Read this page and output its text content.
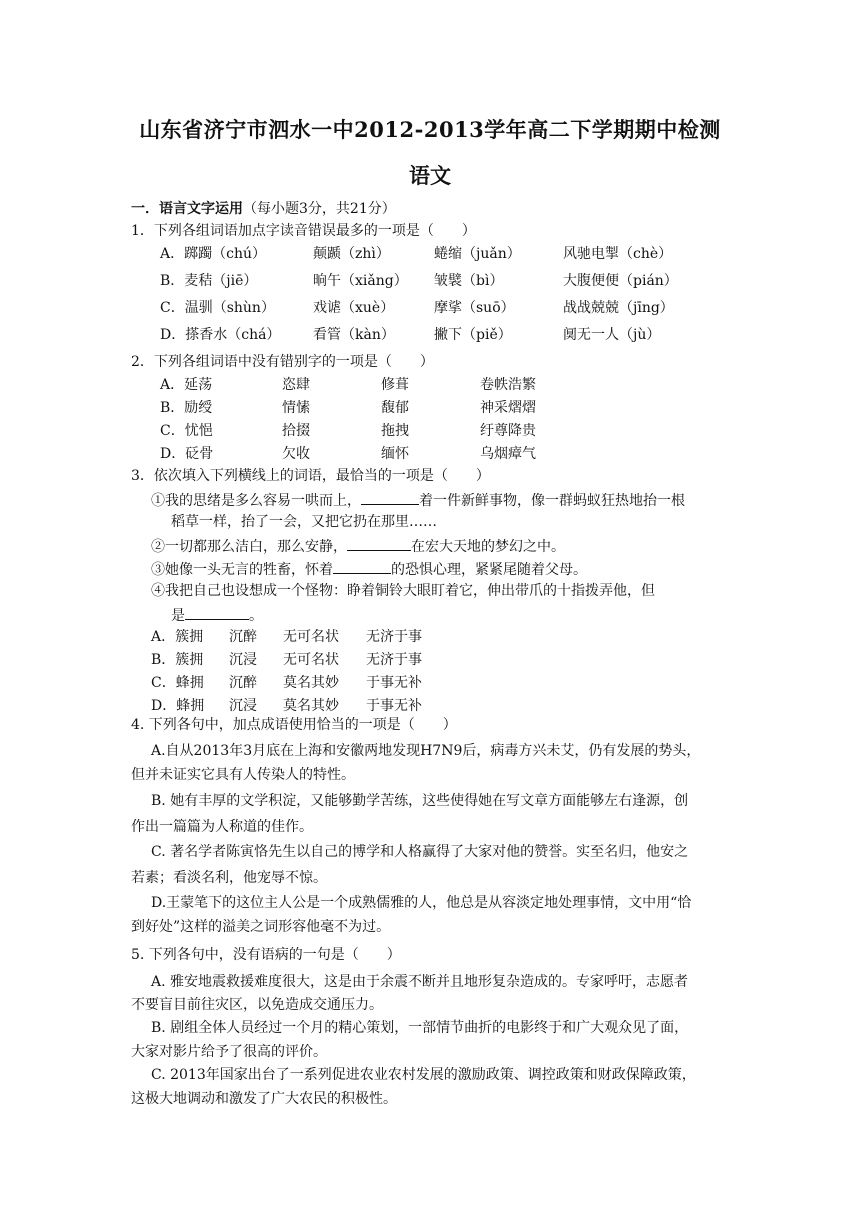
山东省济宁市泗水一中2012-2013学年高二下学期期中检测
语文
一．语言文字运用（每小题3分，共21分）
1．下列各组词语加点字读音错误最多的一项是（　　）
A．踯躅（chú）	颠踬（zhì）	蜷缩（juǎn）	风驰电掣（chè）
B．麦秸（jiē）	晌午（xiǎng） 皱襞（bì）	大腹便便（pián）
C．温驯（shùn）	戏谑（xuè）	摩挲（suō）	战战兢兢（jīng）
D．搽香水（chá） 看管（kàn）	撇下（piě）	阒无一人（jù）
2．下列各组词语中没有错别字的一项是（　　）
A．延荡	恣肆	修葺	卷帙浩繁
B．励绶	情愫	馥郁	神采熠熠
C．忧悒	拾掇	拖拽	纡尊降贵
D．砭骨	欠收	缅怀	乌烟瘴气
3．依次填入下列横线上的词语，最恰当的一项是（　　）
①我的思绪是多么容易一哄而上，	着一件新鲜事物，像一群蚂蚁狂热地抬一根
稻草一样，抬了一会，又把它扔在那里……
②一切都那么洁白，那么安静，	在宏大天地的梦幻之中。
③她像一头无言的牲畜，怀着	的恐惧心理，紧紧尾随着父母。
④我把自己也设想成一个怪物：睁着铜铃大眼盯着它，伸出带爪的十指拨弄他，但
是	。
A．簇拥 沉醉 无可名状 无济于事
B．簇拥 沉浸 无可名状 无济于事
C．蜂拥 沉醉 莫名其妙 于事无补
D．蜂拥 沉浸 莫名其妙 于事无补
4. 下列各句中，加点成语使用恰当的一项是（　　）
A.自从2013年3月底在上海和安徽两地发现H7N9后，病毒方兴未艾，仍有发展的势头，
但并未证实它具有人传染人的特性。
B. 她有丰厚的文学积淀，又能够勤学苦练，这些使得她在写文章方面能够左右逢源，创
作出一篇篇为人称道的佳作。
C. 著名学者陈寅恪先生以自己的博学和人格赢得了大家对他的赞誉。实至名归，他安之
若素；看淡名利，他宠辱不惊。
D.王蒙笔下的这位主人公是一个成熟儒雅的人，他总是从容淡定地处理事情，文中用“恰
到好处”这样的溢美之词形容他毫不为过。
5. 下列各句中，没有语病的一句是（　　）
A. 雅安地震救援难度很大，这是由于余震不断并且地形复杂造成的。专家呼吁，志愿者
不要盲目前往灾区，以免造成交通压力。
B. 剧组全体人员经过一个月的精心策划，一部情节曲折的电影终于和广大观众见了面，
大家对影片给予了很高的评价。
C. 2013年国家出台了一系列促进农业农村发展的激励政策、调控政策和财政保障政策，
这极大地调动和激发了广大农民的积极性。
